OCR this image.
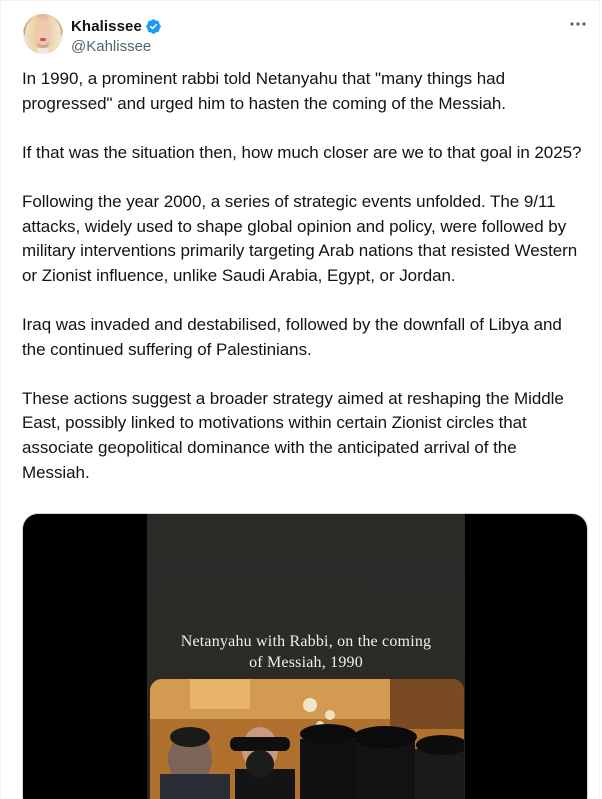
Khalissee
@Kahlissee

In 1990, a prominent rabbi told Netanyahu that "many things had progressed" and urged him to hasten the coming of the Messiah.

If that was the situation then, how much closer are we to that goal in 2025?

Following the year 2000, a series of strategic events unfolded. The 9/11 attacks, widely used to shape global opinion and policy, were followed by military interventions primarily targeting Arab nations that resisted Western or Zionist influence, unlike Saudi Arabia, Egypt, or Jordan.

Iraq was invaded and destabilised, followed by the downfall of Libya and the continued suffering of Palestinians.

These actions suggest a broader strategy aimed at reshaping the Middle East, possibly linked to motivations within certain Zionist circles that associate geopolitical dominance with the anticipated arrival of the Messiah.

Netanyahu with Rabbi, on the coming
of Messiah, 1990
